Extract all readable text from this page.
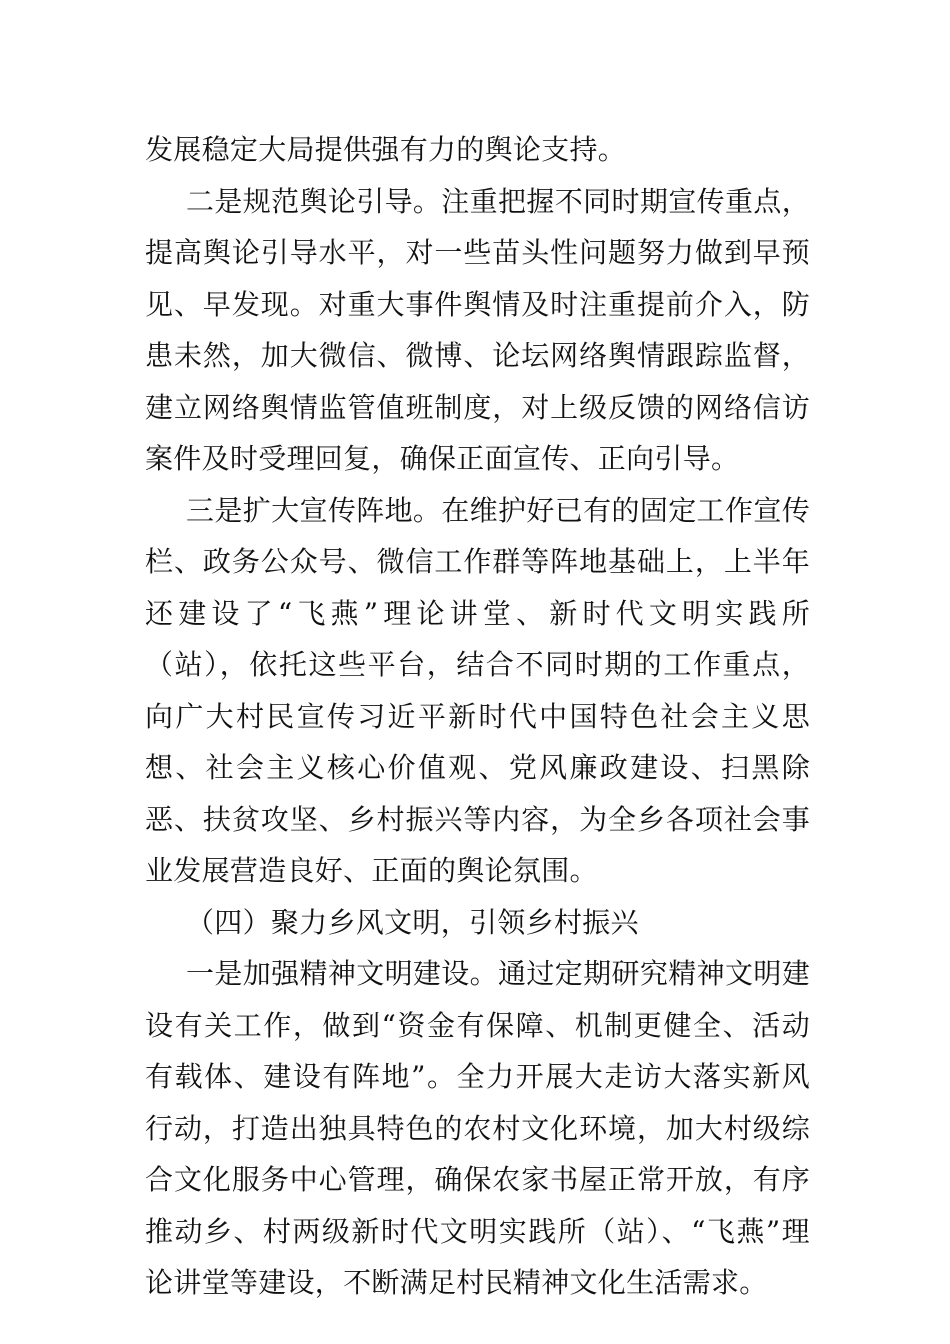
发展稳定大局提供强有力的舆论支持。

二是规范舆论引导。注重把握不同时期宣传重点，提高舆论引导水平，对一些苗头性问题努力做到早预见、早发现。对重大事件舆情及时注重提前介入，防患未然，加大微信、微博、论坛网络舆情跟踪监督，建立网络舆情监管值班制度，对上级反馈的网络信访案件及时受理回复，确保正面宣传、正向引导。

三是扩大宣传阵地。在维护好已有的固定工作宣传栏、政务公众号、微信工作群等阵地基础上，上半年还建设了“飞燕”理论讲堂、新时代文明实践所（站），依托这些平台，结合不同时期的工作重点，向广大村民宣传习近平新时代中国特色社会主义思想、社会主义核心价值观、党风廉政建设、扫黑除恶、扶贫攻坚、乡村振兴等内容，为全乡各项社会事业发展营造良好、正面的舆论氛围。

（四）聚力乡风文明，引领乡村振兴

一是加强精神文明建设。通过定期研究精神文明建设有关工作，做到“资金有保障、机制更健全、活动有载体、建设有阵地”。全力开展大走访大落实新风行动，打造出独具特色的农村文化环境，加大村级综合文化服务中心管理，确保农家书屋正常开放，有序推动乡、村两级新时代文明实践所（站）、“飞燕”理论讲堂等建设，不断满足村民精神文化生活需求。
